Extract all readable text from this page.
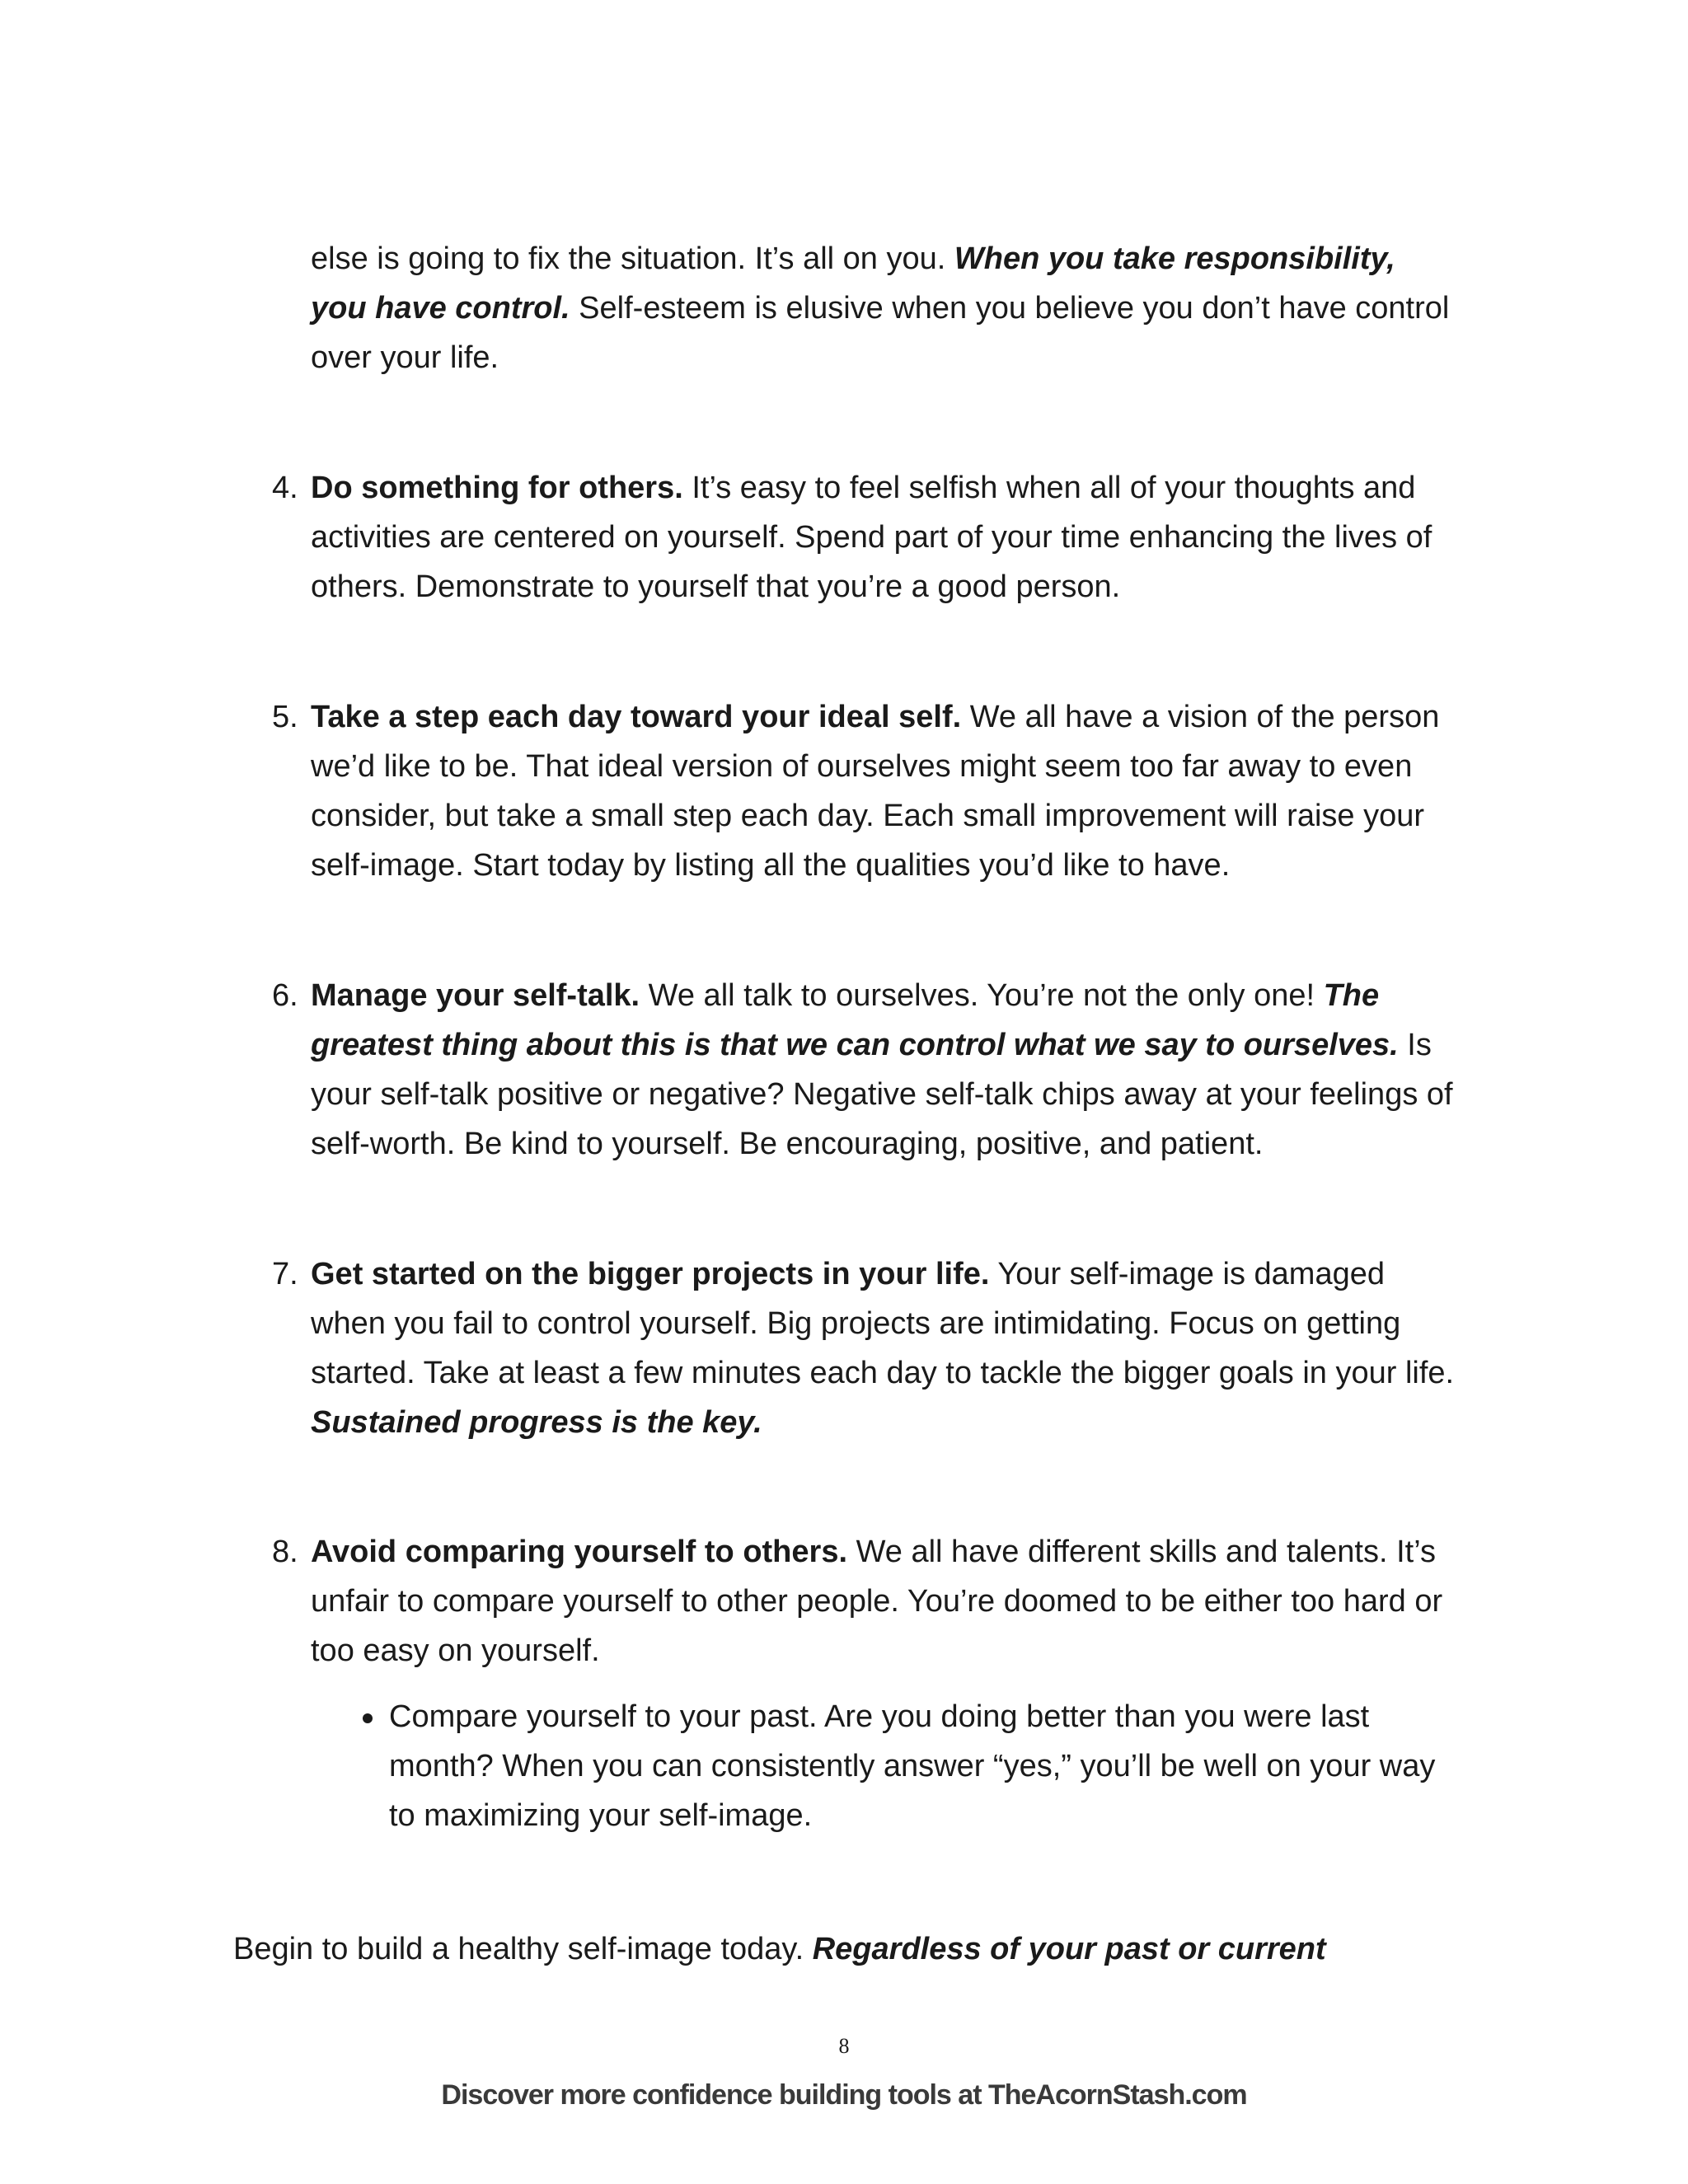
else is going to fix the situation. It’s all on you. When you take responsibility, you have control. Self-esteem is elusive when you believe you don’t have control over your life.

4. Do something for others. It’s easy to feel selfish when all of your thoughts and activities are centered on yourself. Spend part of your time enhancing the lives of others. Demonstrate to yourself that you’re a good person.
5. Take a step each day toward your ideal self. We all have a vision of the person we’d like to be. That ideal version of ourselves might seem too far away to even consider, but take a small step each day. Each small improvement will raise your self-image. Start today by listing all the qualities you’d like to have.
6. Manage your self-talk. We all talk to ourselves. You’re not the only one! The greatest thing about this is that we can control what we say to ourselves. Is your self-talk positive or negative? Negative self-talk chips away at your feelings of self-worth. Be kind to yourself. Be encouraging, positive, and patient.
7. Get started on the bigger projects in your life. Your self-image is damaged when you fail to control yourself. Big projects are intimidating. Focus on getting started. Take at least a few minutes each day to tackle the bigger goals in your life. Sustained progress is the key.
8. Avoid comparing yourself to others. We all have different skills and talents. It’s unfair to compare yourself to other people. You’re doomed to be either too hard or too easy on yourself.
Compare yourself to your past. Are you doing better than you were last month? When you can consistently answer “yes,” you’ll be well on your way to maximizing your self-image.

Begin to build a healthy self-image today. Regardless of your past or current

8
Discover more confidence building tools at TheAcornStash.com
